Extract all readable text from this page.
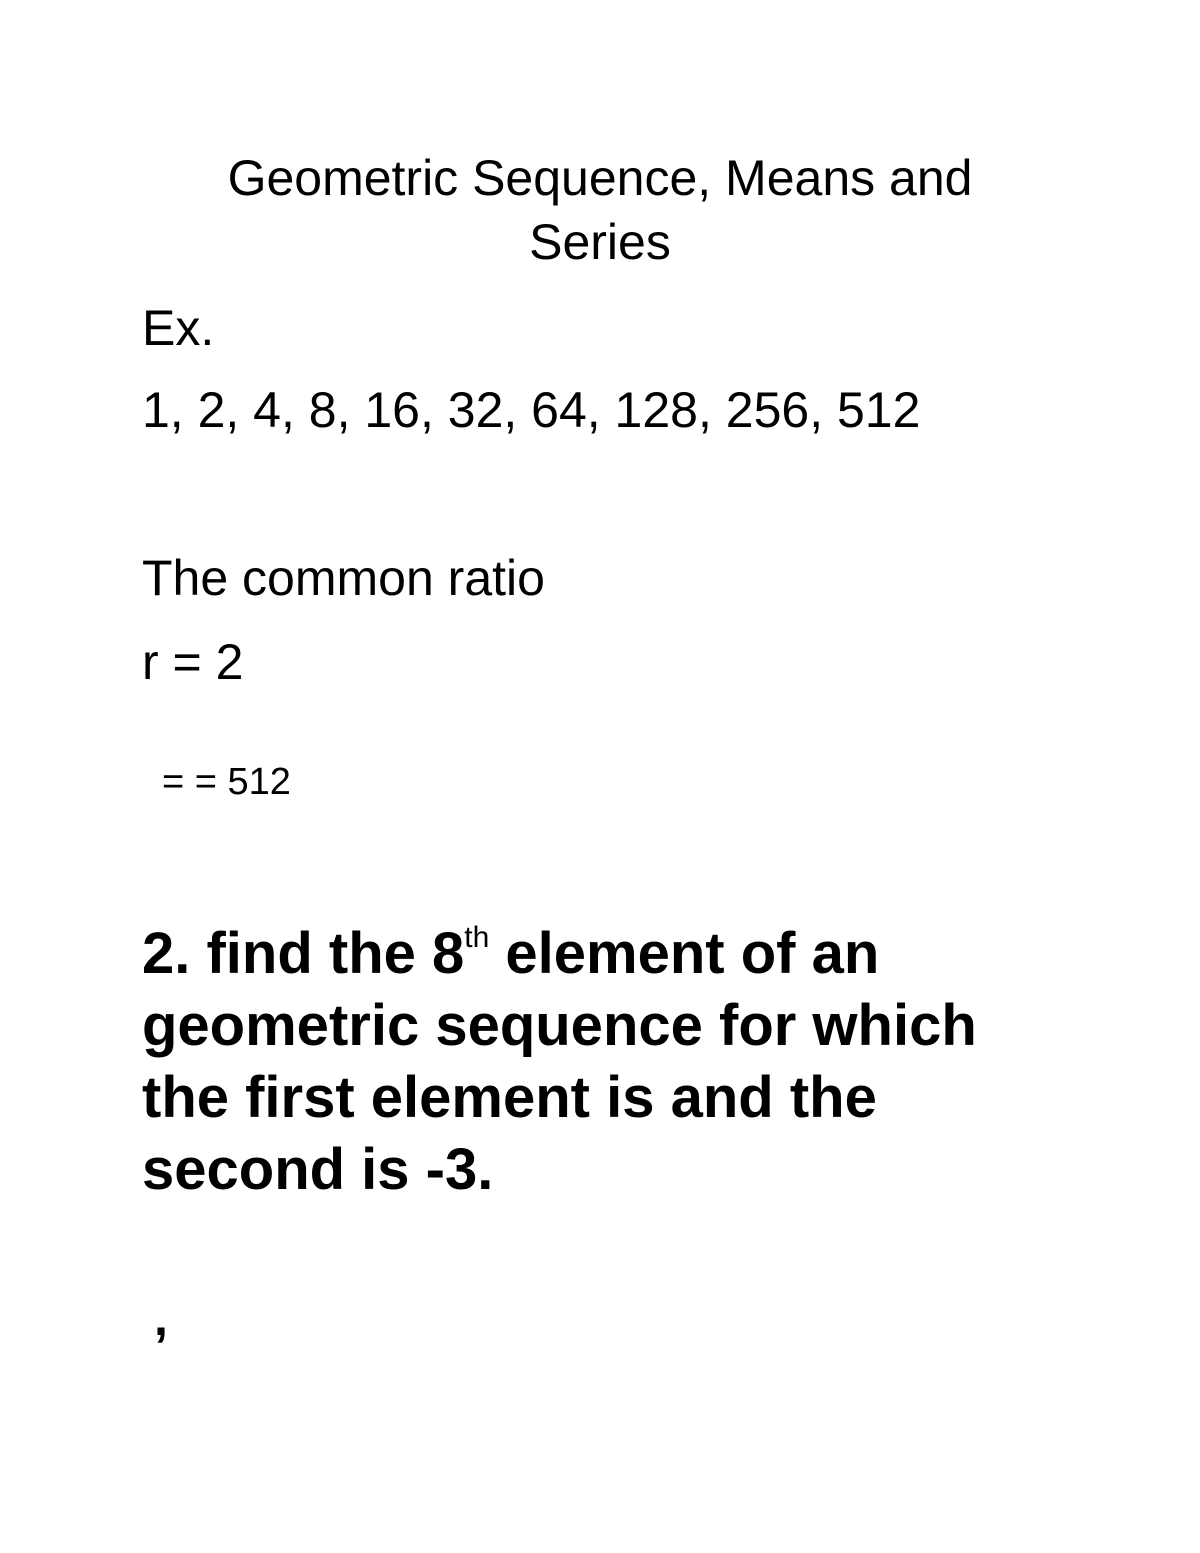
Geometric Sequence, Means and
Series

Ex.

1, 2, 4, 8, 16, 32, 64, 128, 256, 512

The common ratio

r = 2

= = 512

2. find the 8th element of an
geometric sequence for which
the first element is and the
second is -3.

,
